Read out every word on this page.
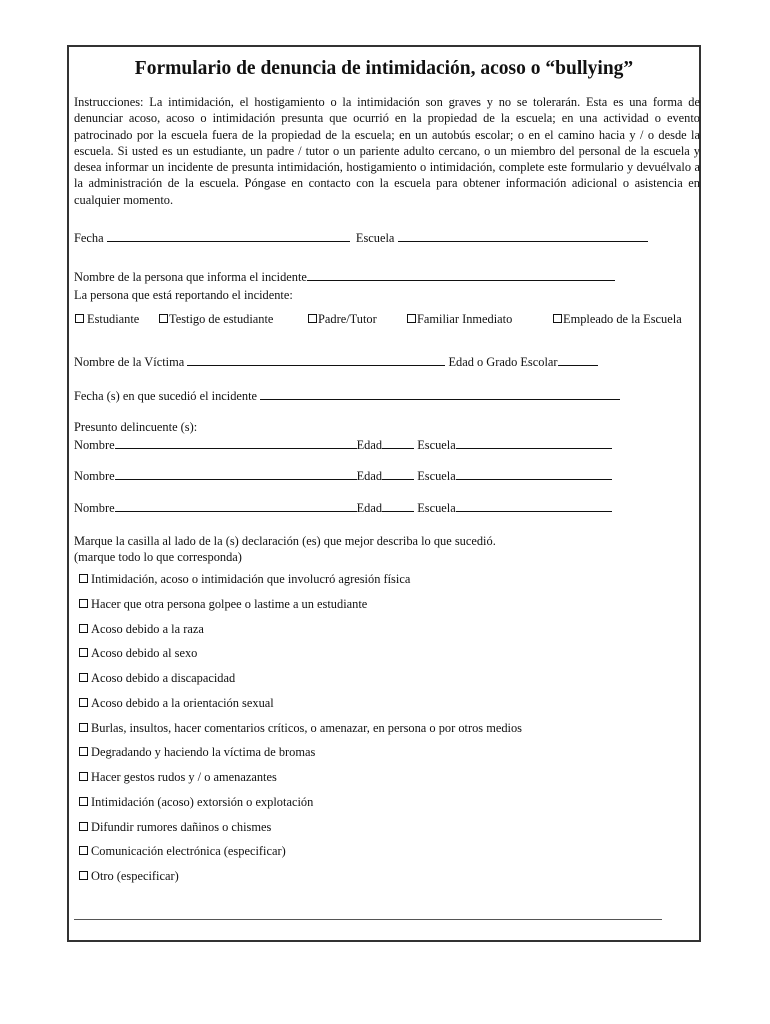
Formulario de denuncia de intimidación, acoso o “bullying”
Instrucciones: La intimidación, el hostigamiento o la intimidación son graves y no se tolerarán. Esta es una forma de denunciar acoso, acoso o intimidación presunta que ocurrió en la propiedad de la escuela; en una actividad o evento patrocinado por la escuela fuera de la propiedad de la escuela; en un autobús escolar; o en el camino hacia y / o desde la escuela. Si usted es un estudiante, un padre / tutor o un pariente adulto cercano, o un miembro del personal de la escuela y desea informar un incidente de presunta intimidación, hostigamiento o intimidación, complete este formulario y devuélvalo a la administración de la escuela. Póngase en contacto con la escuela para obtener información adicional o asistencia en cualquier momento.
Fecha	Escuela
Nombre de la persona que informa el incidente
La persona que está reportando el incidente:
Estudiante	Testigo de estudiante	Padre/Tutor	Familiar Inmediato	Empleado de la Escuela
Nombre de la Víctima	Edad o Grado Escolar
Fecha (s) en que sucedió el incidente
Presunto delincuente (s):
Nombre	Edad	Escuela
Nombre	Edad	Escuela
Nombre	Edad	Escuela
Marque la casilla al lado de la (s) declaración (es) que mejor describa lo que sucedió.
(marque todo lo que corresponda)
Intimidación, acoso o intimidación que involucró agresión física
Hacer que otra persona golpee o lastime a un estudiante
Acoso debido a la raza
Acoso debido al sexo
Acoso debido a discapacidad
Acoso debido a la orientación sexual
Burlas, insultos, hacer comentarios críticos, o amenazar, en persona o por otros medios
Degradando y haciendo la víctima de bromas
Hacer gestos rudos y / o amenazantes
Intimidación (acoso) extorsión o explotación
Difundir rumores dañinos o chismes
Comunicación electrónica (especificar)
Otro (especificar)
